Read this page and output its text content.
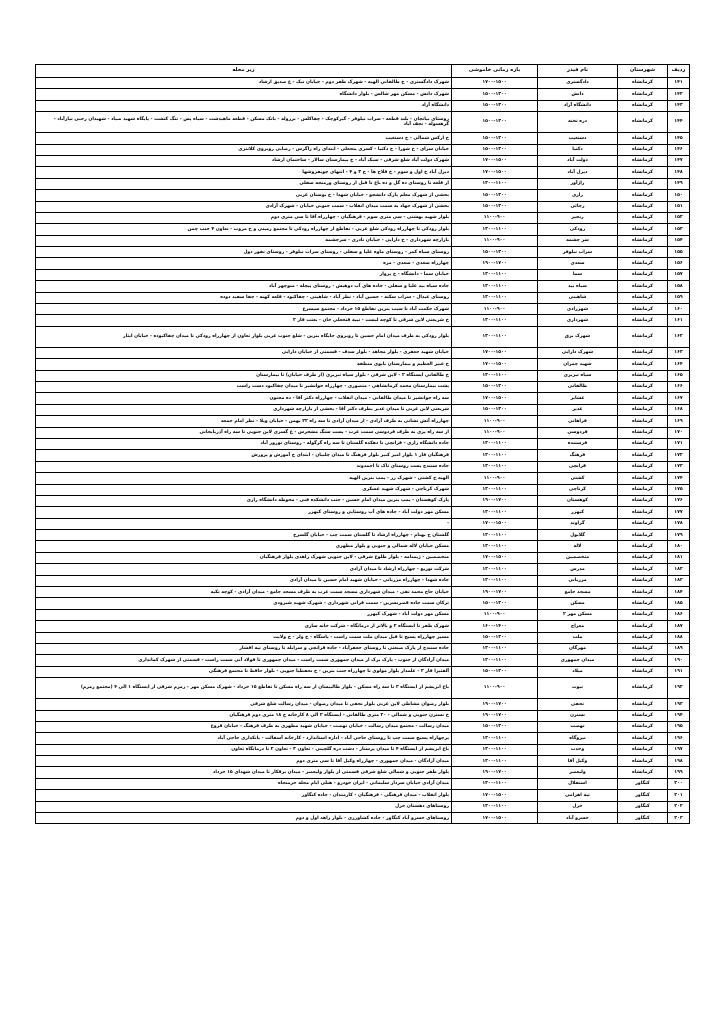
ردیف	شهرستان	نام فیدر	بازه زمانی خاموشی	زیر محله
۱۴۱	کرمانشاه	دادگستری	۱۷۰۰-۱۵۰۰	شهرک دادگستری - خ طالقانی الهیه - شهرک ظفر دوم - خیابان نیک - ع صدیق ارشاد
۱۴۲	کرمانشاه	دانش	۱۵۰۰-۱۳۰۰	شهرک دانش - مسکن مهر شالس - بلوار دانشگاه
۱۴۳	کرمانشاه	دانشگاه آزاد	۱۵۰۰-۱۳۰۰	دانشگاه آزاد
۱۴۴	کرمانشاه	دره تخته	۱۵۰۰-۱۳۰۰	روستای بیانچان - بلند قطعه - سراب نیلوفر - گیرکوچک - چقاکلس - برزوله - بانک مسکن - قطعه ماهیدشت - سیاه پس - تنگ کنشت - پایگاه شهید صیاد - شهیدان رجبی نیازآباد - گرهسوله - نجف آباد
۱۴۵	کرمانشاه	دستغیب	۱۵۰۰-۱۳۰۰	خ ارکس شمالی - خ دستغیب
۱۴۶	کرمانشاه	دکتیا	۱۵۰۰-۱۳۰۰	خیابان سرای - خ شورا - خ دکتیا - کسری پنجعلی - ابتدای راه زاگرس - رضایی روبروی کلانتری
۱۴۷	کرمانشاه	دولت آباد	۱۷۰۰-۱۵۰۰	شهرک دولت آباد شلغ شرقی - سبک آباد - خ بیمارستان سالار - ساختمان ارشاد
۱۴۸	کرمانشاه	دیزل آباد	۱۷۰۰-۱۵۰۰	دیزل آباد خ اول و سوم - خ فلاح ها - خ ۳ و ۴ - انتهای چوبفروشها
۱۴۹	کرمانشاه	راژآور	۱۳۰۰-۱۱۰۰	از قلعه تا روستای ده گل و ده باغ تا قبل از روستای ورمنجه سفلی
۱۵۰	کرمانشاه	رازی	۱۵۰۰-۱۳۰۰	بخشی از شهرک معلم پارک دانشجو - خیابان شهدا - خ بوستان غربی
۱۵۱	کرمانشاه	رجائی	۱۵۰۰-۱۳۰۰	بخشی از شهرک جهاد به سمت میدان انقلاب - سمت جنوبی خیابان - شهرک آزادی
۱۵۲	کرمانشاه	رنجبر	۱۱۰۰-۹۰۰	بلوار شهید بهشتی - سی متری سوم - فرهنگیان - چهارراه آقا تا سی متری دوم
۱۵۳	کرمانشاه	رودکی	۱۳۰۰-۱۱۰۰	بلوار رودکی تا چهارراه رودکی شلغ غربی - تقاطع از چهارراه رودکی تا مجتمع زمینی و خ مروت - تعاون ۴ جنب چمن
۱۵۴	کرمانشاه	سر چشمه	۱۱۰۰-۹۰۰	بازارچه شهرداری - خ دارایی - خیابان نادری - سرچشمه
۱۵۵	کرمانشاه	سراب نیلوفر	۱۵۰۰-۱۳۰۰	روستای سیاه کمر - روستای ماوه علیا و سفلی - روستای سراب نیلوفر - روستای نقور دول
۱۵۶	کرمانشاه	سعدی	۱۹۰۰-۱۷۰۰	چهارراه سعدی - سعدی - مزه
۱۵۷	کرمانشاه	سما	۱۳۰۰-۱۱۰۰	خیابان سما - دانشگاه - خ پرواز
۱۵۸	کرمانشاه	سیاه بید	۱۳۰۰-۱۱۰۰	جاده سیاه بید علیا و سفلی - جاده های آب دوهیش - روستای پیچله - منوچهر آباد
۱۵۹	کرمانشاه	شاهینی	۱۳۰۰-۱۱۰۰	روستای عبدال - سراب سکنه - حسین آباد - نظر آباد - شاهینی - چقاکبود - قلعه کهنه - چقا سفید دوده
۱۶۰	کرمانشاه	شهرزادی	۱۱۰۰-۹۰۰	شهرک حکمت آباد تا سیب بنزین تقاطع ۱۵ خرداد - مجتمع سیسرع
۱۶۱	کرمانشاه	شهرداری	۱۳۰۰-۱۱۰۰	خ شریعتی لاین شرقی تا کوچه لیست - تیپه قتحعلی خان - بعثت فاز ۲
۱۶۲	کرمانشاه	شهرک برق	۱۳۰۰-۱۱۰۰	بلوار رودکی به طرف میدان امام حسین تا روبروی جایگاه بنزین - شلغ جنوب غربی بلوار تعاون از چهارراه رودکی تا میدان چقاکبوده - خیابان ایثار
۱۶۳	کرمانشاه	شهرک دارایی	۱۷۰۰-۱۵۰۰	خیابان شهید جعفری - بلوار مجاهد - بلوار سدف - قسمتی از خیابان دارایی
۱۶۴	کرمانشاه	شهید چمران	۱۷۰۰-۱۵۰۰	خ عبیر العظیم و بیمارستان بابوی منطقه
۱۶۵	کرمانشاه	سپاه تبریزی	۱۳۰۰-۱۱۰۰	خ طالقانی ایستگاه ۲ - لاین شرقی - بلوار سپاه تبریزی (از طرف خیابان) تا بیمارستان
۱۶۶	کرمانشاه	طالقانی	۱۵۰۰-۱۳۰۰	پشت بیمارستان محمد کرمانشاهی - منصوری - چهارراه جوانشیر تا میدان چقاکبود دست راست
۱۶۷	کرمانشاه	عشاير	۱۷۰۰-۱۵۰۰	سه راه جوانشیر تا میدان طالقانی - میدان انقلاب - چهارراه دکتر آقا - ده مجنون
۱۶۸	کرمانشاه	غدیر	۱۵۰۰-۱۳۰۰	شریعتی لاین غربی تا میدان غدیر بطرف دکتر آقا - بخشی از بازارچه شهرداری
۱۶۹	کرمانشاه	فراهانی	۱۱۰۰-۹۰۰	چهارراه آتش نشانی به طرف آزادی - از میدان آزادی تا سه راه ۲۲ بهمن - خیابان ویلا - نظر امام جمعه
۱۷۰	کرمانشاه	فردوسی	۱۱۰۰-۹۰۰	از سه راه پری به طرف فردوسی سمت غرب - پست سنگ مشحرس - ع گسری لاین جنوبی تا سه راه آذربایجانی
۱۷۱	کرمانشاه	فرستنده	۱۳۰۰-۱۱۰۰	جاده دانشگاه رازی - قزانچی تا دهکده گلستان تا سه راه گرگوله - روستای نوروز آباد
۱۷۲	کرمانشاه	فرهنگ	۱۳۰۰-۱۱۰۰	فرهنگیان فاز ۱ بلوار امیر کبیر بلوار فرهنگ تا میدان چلبیان - ابتدای خ آموزش و پرورش
۱۷۳	کرمانشاه	قزانچی	۱۳۰۰-۱۱۰۰	جاده سنندج پست روستای تاک تا احمدوند
۱۷۴	کرمانشاه	کشتی	۱۱۰۰-۹۰۰	الهیه خ کشتی - شهرک رز - پمپ بنزین الهیه
۱۷۵	کرمانشاه	کرناچی	۱۳۰۰-۱۱۰۰	شهرک کرناچی - شهرک شهید عسکری
۱۷۶	کرمانشاه	کوهستان	۱۹۰۰-۱۷۰۰	پارک کوهستان - پمپ بنزین میدان امام حسین - جنب دانشکده فنی - محوطه دانشگاه رازی
۱۷۷	کرمانشاه	کیهزر	۱۳۰۰-۱۱۰۰	مسکن مهر دولت آباد - جاده های آب روستایی و روستای کیهزر
۱۷۸	کرمانشاه	گراوند	۱۷۰۰-۱۵۰۰	-
۱۷۹	کرمانشاه	گلابول	۱۳۰۰-۱۱۰۰	گلستان خ بهنام - چهارراه ارشاد تا گلستان سمت چپ - خیابان گلسرخ
۱۸۰	کرمانشاه	لاله	۱۳۰۰-۱۱۰۰	مسکن خیابان لاله شمالی و جنوبی و بلوار مطهری
۱۸۱	کرمانشاه	متخصصین	۱۷۰۰-۱۵۰۰	متخصصین - ژیمنامه - بلوار طلوع شرقی - لاین جنوبی شهرک زاهدی بلوار فرهنگیان
۱۸۲	کرمانشاه	مدرس	۱۳۰۰-۱۱۰۰	شرکت توزیع - چهارراه ارشاد تا میدان آزادی
۱۸۳	کرمانشاه	مرزبانی	۱۳۰۰-۱۱۰۰	جاده شهدا - چهارراه مرزبانی - خیابان شهید امام حسین تا میدان آزادی
۱۸۴	کرمانشاه	مسجد جامع	۱۹۰۰-۱۷۰۰	خیابان حاج محمد تقی - میدان شهرداری مسجد سمت غرب به طرف مسجد جامع - میدان آزادی - کوچه تکیه
۱۸۵	کرمانشاه	مسکن	۱۵۰۰-۱۳۰۰	ترکان سمت جاده قصرنسرین - سمت قرانی شهرداری - شهرک شهید شیرودی
۱۸۶	کرمانشاه	مسکن مهر ۲	۱۱۰۰-۹۰۰	مسکن مهر دولت آباد - شهرک کیهزر
۱۸۷	کرمانشاه	معراج	۱۶۰۰-۱۴۰۰	شهرک ظفر تا ایستگاه ۲ و بالاتر از درمانگاه - شرکت خانه سازی
۱۸۸	کرمانشاه	ملت	۱۵۰۰-۱۳۰۰	مسیر چهارراه پسیج تا قبل میدان ملت سمت راست - پاسگاه - خ ولز - خ ولایت
۱۸۹	کرمانشاه	مهرگان	۱۳۰۰-۱۱۰۰	جاده سنندج از پارک صنعتی تا روستای جعفرآباد - جاده قزانچی و سرابله تا روستای تپه افشار
۱۹۰	کرمانشاه	میدان جمهوری	۱۳۰۰-۱۱۰۰	میدان آزادگان از جنوب - پارک یرک از میدان جمهوری سمت راست - میدان جمهوری تا فولاد آنی سمت راست - قسمتی از شهرک کمانداری
۱۹۱	کرمانشاه	میلاد	۱۵۰۰-۱۳۰۰	آلفتیرا فاز ۳ - علمدار بلوار مولوی تا چهارراه جنب بنزین - خ نحفظیا جنوبی - بلوار حافظ تا مجتمع فرهنگی
۱۹۲	کرمانشاه	نبوت	۱۱۰۰-۹۰۰	باغ ابریشم از ایستگاه ۳ تا سه راه مسکن - بلوار طالبیسان از سه راه مسکن تا تقاطع ۱۵ خرداد - شهرک مسکن مهر - زمزم شرقی از ایستگاه ۱ الی ۴ (مجتمع زمزم)
۱۹۳	کرمانشاه	نجفی	۱۹۰۰-۱۷۰۰	بلوار رضوان مشاطی لاین غربی بلوار نجفی تا میدان رضوان - میدان رسالت شلغ شرقی
۱۹۴	کرمانشاه	نسترن	۱۹۰۰-۱۷۰۰	خ نسترن جنوبی و شمالی - ۲۰ متری طالقانی - ایستگاه ۲ الی ۸ کارخانه خ ۱۸ متری دوم فرهنگیان
۱۹۵	کرمانشاه	نهضت	۱۵۰۰-۱۳۰۰	میدان رسالت - مجتمع میدان رسالت - خیابان نهضت - خیابان شهید مطهری به طرف فرهنگ - خیابان فروغ
۱۹۶	کرمانشاه	نیروگاه	۱۳۰۰-۱۱۰۰	پرچهاراه پسیچ سمت چپ تا روستای حاجی آباد - اداره استاندارد - کارخانه آسفالت - بانکداری حاجی آباد
۱۹۷	کرمانشاه	وحدت	۱۳۰۰-۱۱۰۰	باغ ابریشم از ایستگاه ۴ تا میدان پرستار - دشت دره گلچینی - تعاون ۳ - تعاون ۲ تا درمانگاه تعاون
۱۹۸	کرمانشاه	وکیل آقا	۱۳۰۰-۱۱۰۰	میدان آزادگان - میدان جمهوری - چهارراه وکیل آقا تا سی متری دوم
۱۹۹	کرمانشاه	ولیعصر	۱۹۰۰-۱۷۰۰	بلوار ظفر جنوبی و شمالی شلغ شرقی قسمتی از بلوار ولیعصر - میدان برقکار تا میدان شهدای ۱۵ خرداد
۲۰۰	کنگاور	استقلال	۱۳۰۰-۱۱۰۰	میدان آزادی خیابان سردار سلیمانی - ایران خودرو - هتلی ایام محله خرمنجاه
۲۰۱	کنگاور	تپه اهرامی	۱۷۰۰-۱۵۰۰	بلوار انقلاب - میدان فرهنگی - فرهنگیان - کارمندان - جاده کنگاور
۲۰۲	کنگاور	خزل	۱۳۰۰-۱۱۰۰	روستاهای دهستان خزل
۲۰۳	کنگاور	خسرو آباد	۱۷۰۰-۱۵۰۰	روستاهای خسرو آباد کنگاور - جاده کشاورزی - بلوار زاهد اول و دوم
